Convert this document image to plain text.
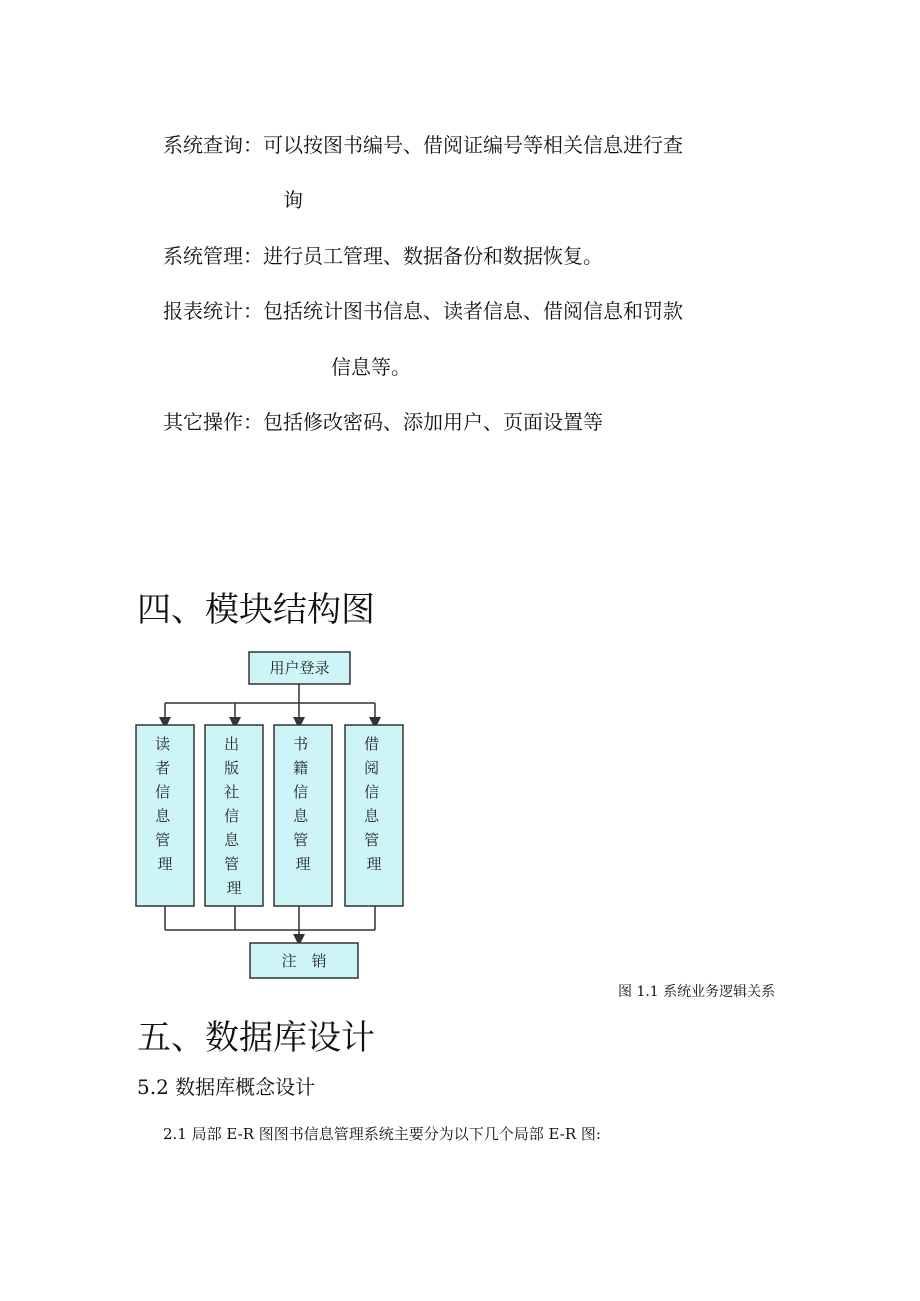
系统查询：可以按图书编号、借阅证编号等相关信息进行查
询
系统管理：进行员工管理、数据备份和数据恢复。
报表统计：包括统计图书信息、读者信息、借阅信息和罚款
信息等。
其它操作：包括修改密码、添加用户、页面设置等
四、模块结构图
用户登录
读 者 信 息 管 理
出 版 社 信 息 管 理
书 籍 信 息 管 理
借 阅 信 息 管 理
注　销
图 1.1 系统业务逻辑关系
五、数据库设计
5.2 数据库概念设计
2.1 局部 E-R 图图书信息管理系统主要分为以下几个局部 E-R 图:
